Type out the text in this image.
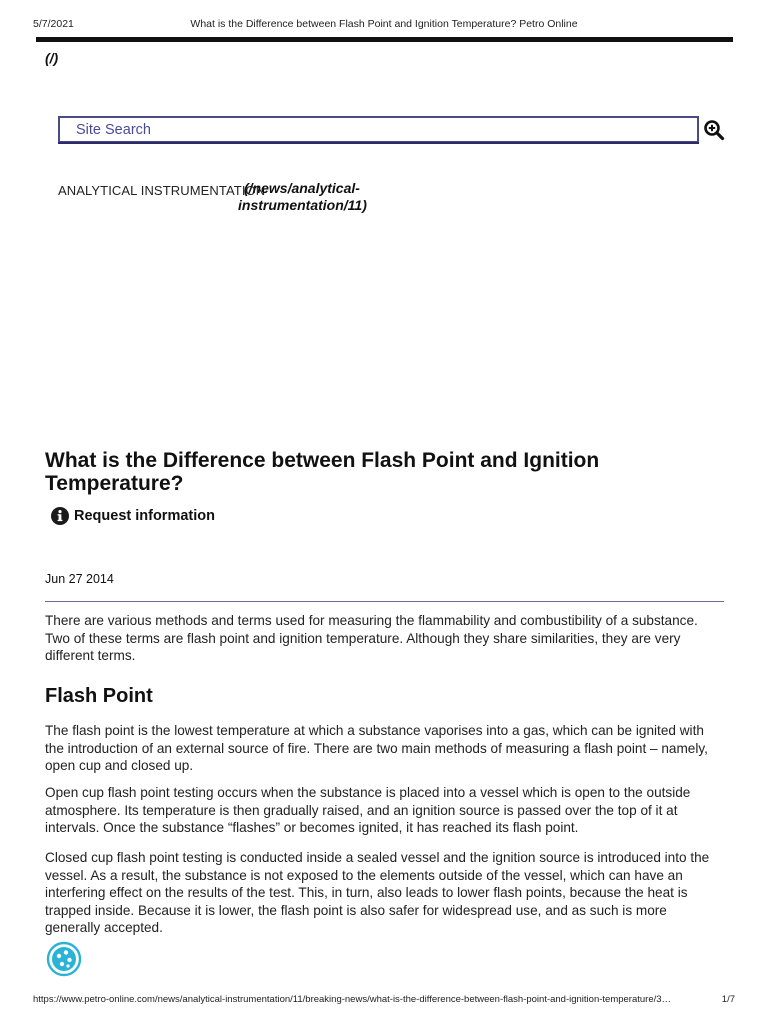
5/7/2021	What is the Difference between Flash Point and Ignition Temperature? Petro Online
(/)
Site Search
ANALYTICAL INSTRUMENTATION
(/news/analytical-
instrumentation/11)
What is the Difference between Flash Point and Ignition Temperature?
Request information
Jun 27 2014

There are various methods and terms used for measuring the flammability and combustibility of a substance. Two of these terms are flash point and ignition temperature. Although they share similarities, they are very different terms.

Flash Point

The flash point is the lowest temperature at which a substance vaporises into a gas, which can be ignited with the introduction of an external source of fire. There are two main methods of measuring a flash point – namely, open cup and closed up.

Open cup flash point testing occurs when the substance is placed into a vessel which is open to the outside atmosphere. Its temperature is then gradually raised, and an ignition source is passed over the top of it at intervals. Once the substance “flashes” or becomes ignited, it has reached its flash point.

Closed cup flash point testing is conducted inside a sealed vessel and the ignition source is introduced into the vessel. As a result, the substance is not exposed to the elements outside of the vessel, which can have an interfering effect on the results of the test. This, in turn, also leads to lower flash points, because the heat is trapped inside. Because it is lower, the flash point is also safer for widespread use, and as such is more generally accepted.

https://www.petro-online.com/news/analytical-instrumentation/11/breaking-news/what-is-the-difference-between-flash-point-and-ignition-temperature/3…	1/7
